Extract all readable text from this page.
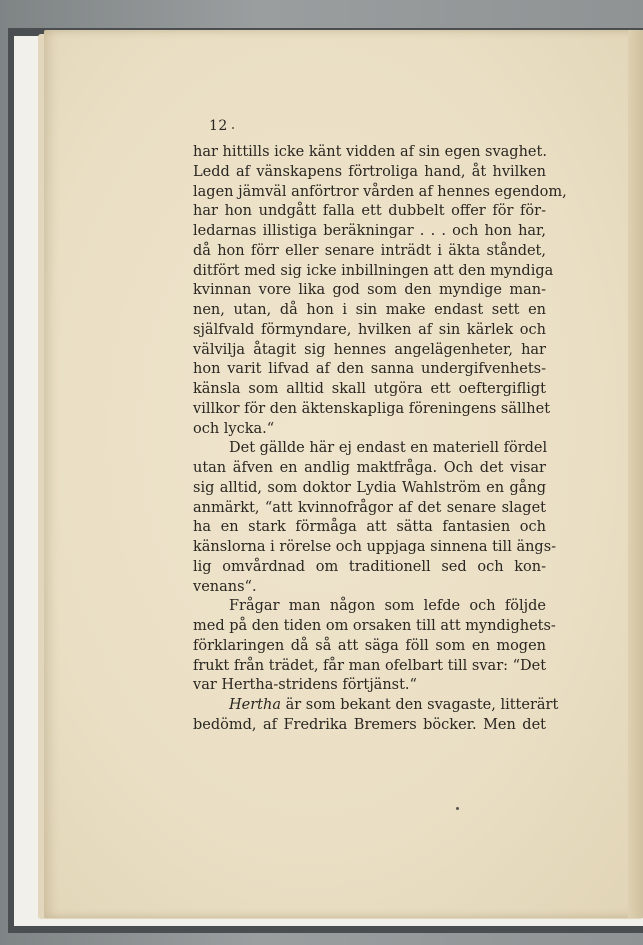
12
har hittills icke känt vidden af sin egen svaghet.
Ledd af vänskapens förtroliga hand, åt hvilken
lagen jämväl anförtror vården af hennes egendom,
har hon undgått falla ett dubbelt offer för för-
ledarnas illistiga beräkningar . . . och hon har,
då hon förr eller senare inträdt i äkta ståndet,
ditfört med sig icke inbillningen att den myndiga
kvinnan vore lika god som den myndige man-
nen, utan, då hon i sin make endast sett en
själfvald förmyndare, hvilken af sin kärlek och
välvilja åtagit sig hennes angelägenheter, har
hon varit lifvad af den sanna undergifvenhets-
känsla som alltid skall utgöra ett oeftergifligt
villkor för den äktenskapliga föreningens sällhet
och lycka.“
Det gällde här ej endast en materiell fördel
utan äfven en andlig maktfråga. Och det visar
sig alltid, som doktor Lydia Wahlström en gång
anmärkt, “att kvinnofrågor af det senare slaget
ha en stark förmåga att sätta fantasien och
känslorna i rörelse och uppjaga sinnena till ängs-
lig omvårdnad om traditionell sed och kon-
venans“.
Frågar man någon som lefde och följde
med på den tiden om orsaken till att myndighets-
förklaringen då så att säga föll som en mogen
frukt från trädet, får man ofelbart till svar: “Det
var Hertha-stridens förtjänst.“
Hertha är som bekant den svagaste, litterärt
bedömd, af Fredrika Bremers böcker. Men det
